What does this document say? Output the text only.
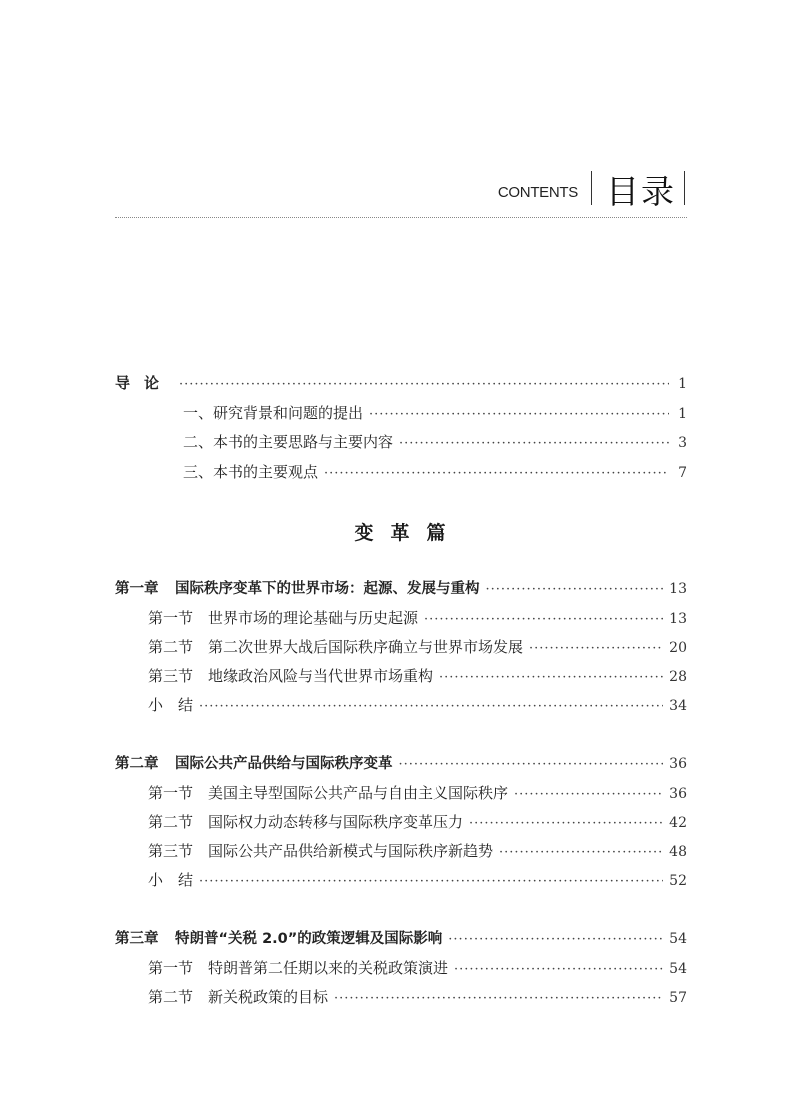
CONTENTS 目录
导论 ·····	1
一、研究背景和问题的提出 ·····	1
二、本书的主要思路与主要内容 ·····	3
三、本书的主要观点 ·····	7
第一章	国际秩序变革下的世界市场：起源、发展与重构 ·····	13
第一节 世界市场的理论基础与历史起源 ·····	13
第二节 第二次世界大战后国际秩序确立与世界市场发展 ·····	20
第三节 地缘政治风险与当代世界市场重构 ·····	28
小　结 ·····	34
第二章	国际公共产品供给与国际秩序变革 ·····	36
第一节 美国主导型国际公共产品与自由主义国际秩序 ·····	36
第二节 国际权力动态转移与国际秩序变革压力 ·····	42
第三节 国际公共产品供给新模式与国际秩序新趋势 ·····	48
小　结 ·····	52
第三章	特朗普“关税 2.0”的政策逻辑及国际影响 ·····	54
第一节 特朗普第二任期以来的关税政策演进 ·····	54
第二节 新关税政策的目标 ·····	57
变革篇
